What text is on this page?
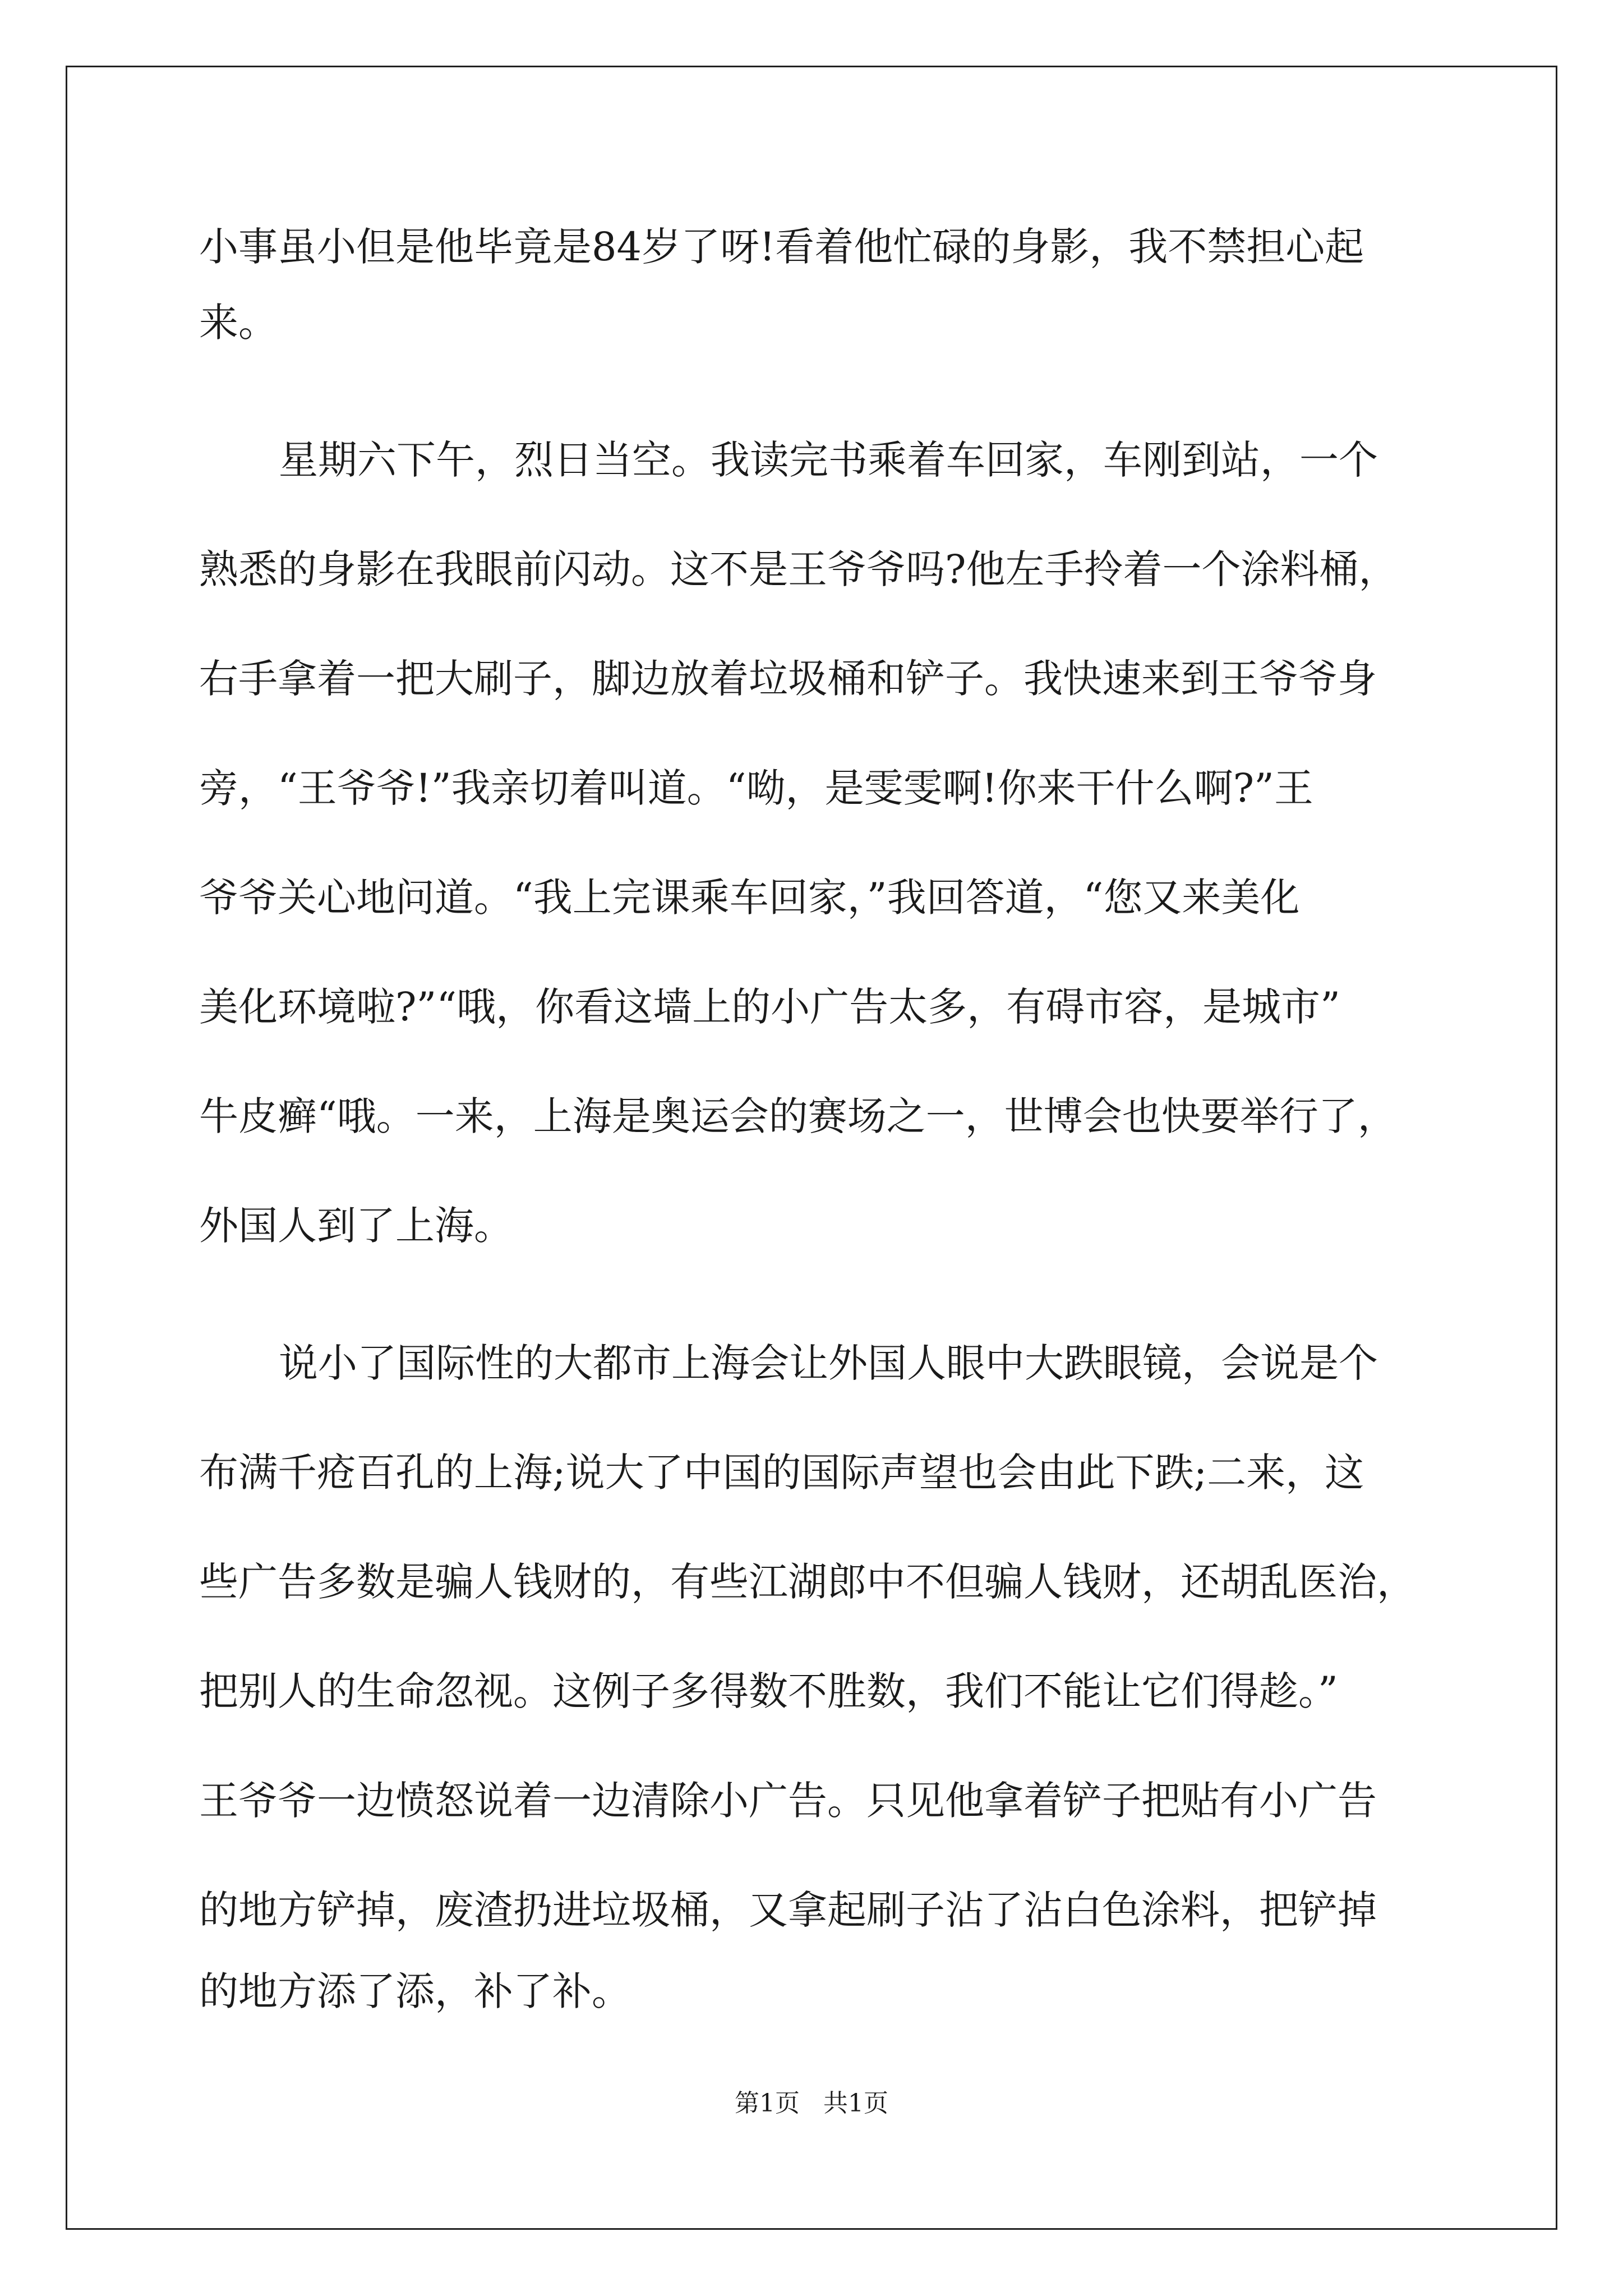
小事虽小但是他毕竟是84岁了呀!看着他忙碌的身影，我不禁担心起

来。

星期六下午，烈日当空。我读完书乘着车回家，车刚到站，一个

熟悉的身影在我眼前闪动。这不是王爷爷吗?他左手拎着一个涂料桶，

右手拿着一把大刷子，脚边放着垃圾桶和铲子。我快速来到王爷爷身

旁，“王爷爷!”我亲切着叫道。“呦，是雯雯啊!你来干什么啊?”王

爷爷关心地问道。“我上完课乘车回家，”我回答道，“您又来美化

美化环境啦?”“哦，你看这墙上的小广告太多，有碍市容，是城市”

牛皮癣“哦。一来，上海是奥运会的赛场之一，世博会也快要举行了，

外国人到了上海。

说小了国际性的大都市上海会让外国人眼中大跌眼镜，会说是个

布满千疮百孔的上海;说大了中国的国际声望也会由此下跌;二来，这

些广告多数是骗人钱财的，有些江湖郎中不但骗人钱财，还胡乱医治，

把别人的生命忽视。这例子多得数不胜数，我们不能让它们得趁。”

王爷爷一边愤怒说着一边清除小广告。只见他拿着铲子把贴有小广告

的地方铲掉，废渣扔进垃圾桶，又拿起刷子沾了沾白色涂料，把铲掉

的地方添了添，补了补。

第1页   共1页
